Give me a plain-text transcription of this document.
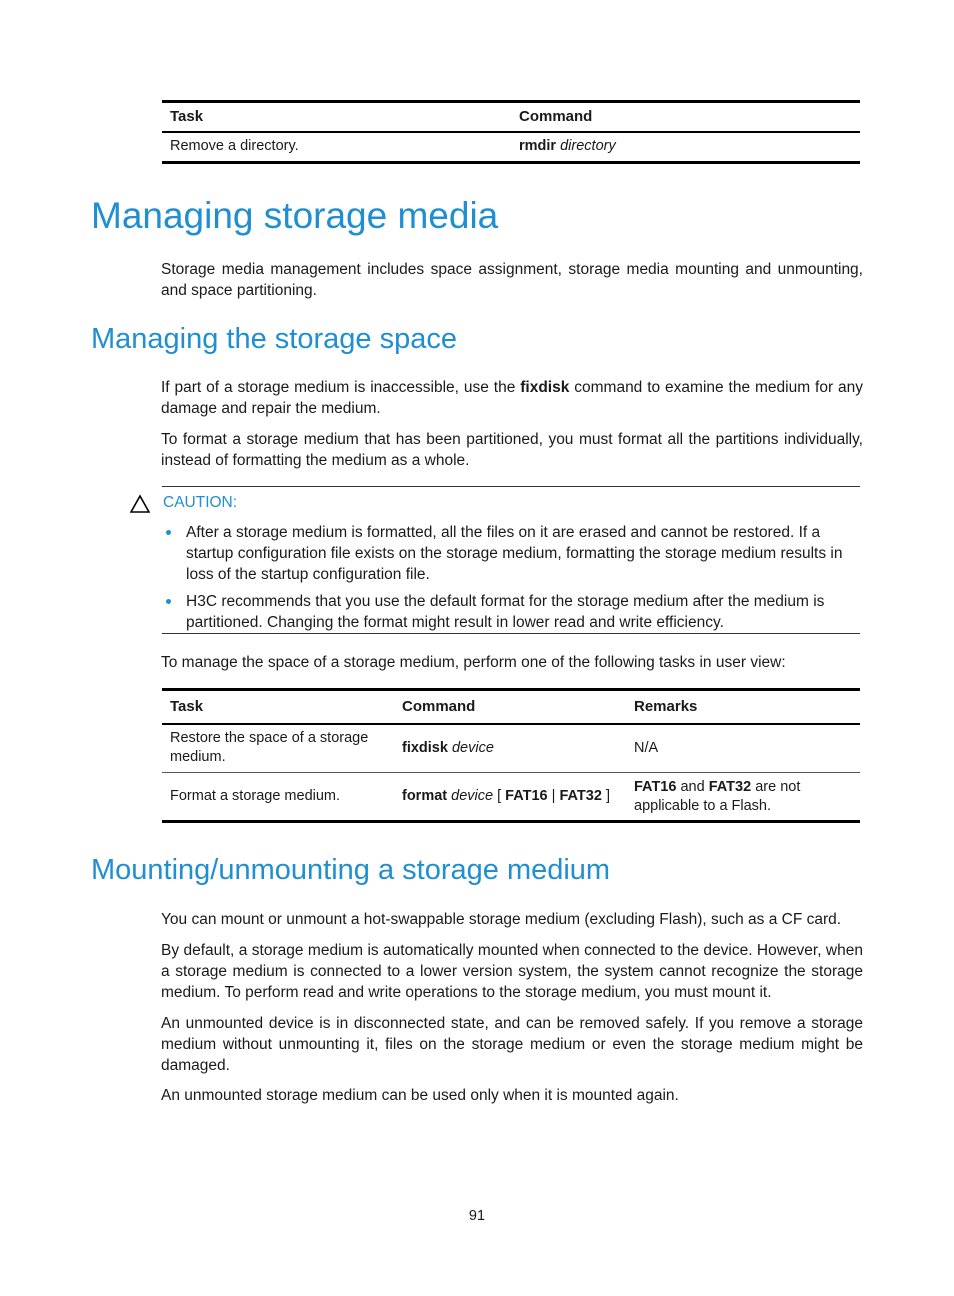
Task	Command
Remove a directory.	rmdir directory
Managing storage media

Storage media management includes space assignment, storage media mounting and unmounting, and space partitioning.

Managing the storage space

If part of a storage medium is inaccessible, use the fixdisk command to examine the medium for any damage and repair the medium.

To format a storage medium that has been partitioned, you must format all the partitions individually, instead of formatting the medium as a whole.

CAUTION:
After a storage medium is formatted, all the files on it are erased and cannot be restored. If a startup configuration file exists on the storage medium, formatting the storage medium results in loss of the startup configuration file.
H3C recommends that you use the default format for the storage medium after the medium is partitioned. Changing the format might result in lower read and write efficiency.

To manage the space of a storage medium, perform one of the following tasks in user view:

Task	Command	Remarks
Restore the space of a storage medium.	fixdisk device	N/A
Format a storage medium.	format device [ FAT16 | FAT32 ]	FAT16 and FAT32 are not applicable to a Flash.
Mounting/unmounting a storage medium

You can mount or unmount a hot-swappable storage medium (excluding Flash), such as a CF card.

By default, a storage medium is automatically mounted when connected to the device. However, when a storage medium is connected to a lower version system, the system cannot recognize the storage medium. To perform read and write operations to the storage medium, you must mount it.

An unmounted device is in disconnected state, and can be removed safely. If you remove a storage medium without unmounting it, files on the storage medium or even the storage medium might be damaged.

An unmounted storage medium can be used only when it is mounted again.

91
